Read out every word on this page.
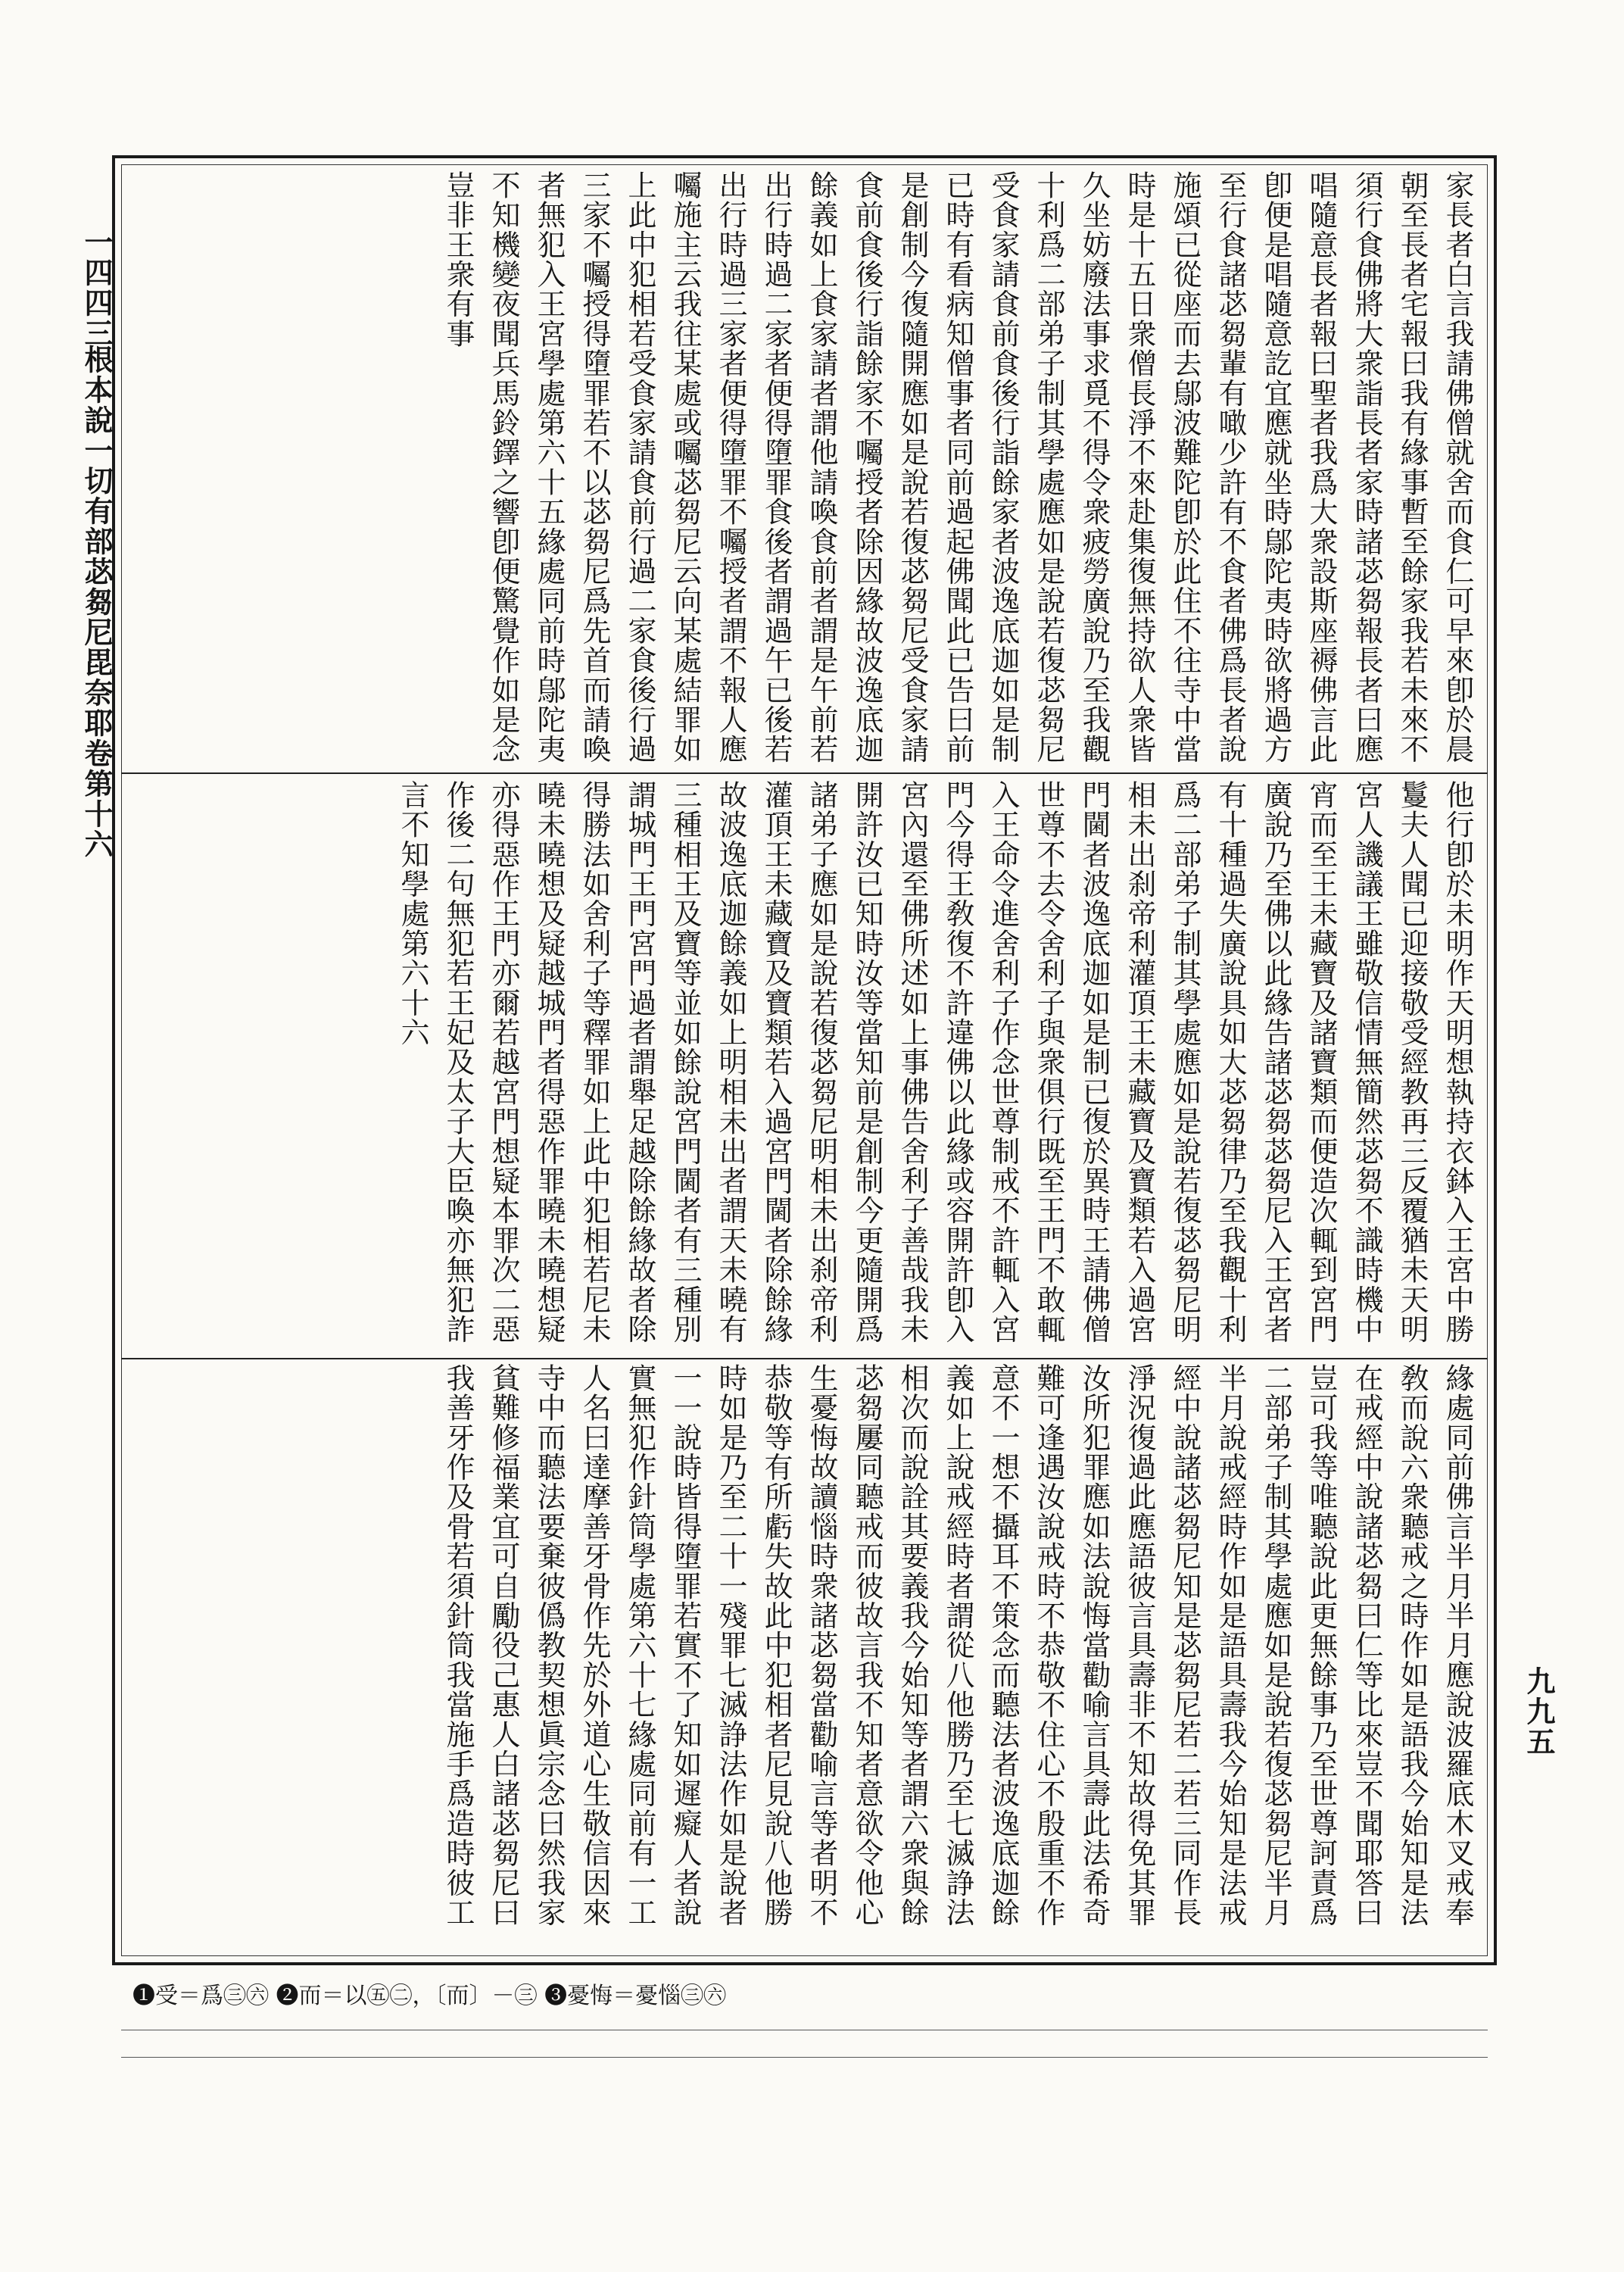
一四四三
根本說一切有部苾芻尼毘奈耶卷第十六
九九五
家長者白言我請佛僧就舍而食仁可早來卽於晨朝至長者宅報曰我有緣事暫至餘家我若未來不須行食佛將大衆詣長者家時諸苾芻報長者曰應唱隨意長者報曰聖者我爲大衆設斯座褥佛言此卽便是唱隨意訖宜應就坐時鄔陀夷時欲將過方至行食諸苾芻輩有噉少許有不食者佛爲長者說施頌已從座而去鄔波難陀卽於此住不往寺中當時是十五日衆僧長淨不來赴集復無持欲人衆皆久坐妨廢法事求覓不得令衆疲勞廣說乃至我觀十利爲二部弟子制其學處應如是說若復苾芻尼受食家請食前食後行詣餘家者波逸底迦如是制已時有看病知僧事者同前過起佛聞此已告曰前是創制今復隨開應如是說若復苾芻尼受食家請食前食後行詣餘家不囑授者除因緣故波逸底迦餘義如上食家請者謂他請喚食前者謂是午前若出行時過二家者便得墮罪食後者謂過午已後若出行時過三家者便得墮罪不囑授者謂不報人應囑施主云我往某處或囑苾芻尼云向某處結罪如上此中犯相若受食家請食前行過二家食後行過三家不囑授得墮罪若不以苾芻尼爲先首而請喚者無犯入王宮學處第六十五緣處同前時鄔陀夷不知機變夜聞兵馬鈴鐸之響卽便驚覺作如是念豈非王衆有事
他行卽於未明作天明想執持衣鉢入王宮中勝鬘夫人聞已迎接敬受經教再三反覆猶未天明宮人譏議王雖敬信情無簡然苾芻不識時機中宵而至王未藏寶及諸寶類而便造次輒到宮門廣說乃至佛以此緣告諸苾芻苾芻尼入王宮者有十種過失廣說具如大苾芻律乃至我觀十利爲二部弟子制其學處應如是說若復苾芻尼明相未出刹帝利灌頂王未藏寶及寶類若入過宮門閫者波逸底迦如是制已復於異時王請佛僧世尊不去令舍利子與衆俱行既至王門不敢輒入王命令進舍利子作念世尊制戒不許輒入宮門今得王敎復不許違佛以此緣或容開許卽入宮內還至佛所述如上事佛告舍利子善哉我未開許汝已知時汝等當知前是創制今更隨開爲諸弟子應如是說若復苾芻尼明相未出刹帝利灌頂王未藏寶及寶類若入過宮門閫者除餘緣故波逸底迦餘義如上明相未出者謂天未曉有三種相王及寶等並如餘說宮門閫者有三種別謂城門王門宮門過者謂舉足越除餘緣故者除得勝法如舍利子等釋罪如上此中犯相若尼未曉未曉想及疑越城門者得惡作罪曉未曉想疑亦得惡作王門亦爾若越宮門想疑本罪次二惡作後二句無犯若王妃及太子大臣喚亦無犯詐言不知學處第六十六
緣處同前佛言半月半月應說波羅底木叉戒奉敎而說六衆聽戒之時作如是語我今始知是法在戒經中說諸苾芻曰仁等比來豈不聞耶答曰豈可我等唯聽說此更無餘事乃至世尊訶責爲二部弟子制其學處應如是說若復苾芻尼半月半月說戒經時作如是語具壽我今始知是法戒經中說諸苾芻尼知是苾芻尼若二若三同作長淨況復過此應語彼言具壽非不知故得免其罪汝所犯罪應如法說悔當勸喻言具壽此法希奇難可逢遇汝說戒時不恭敬不住心不殷重不作意不一想不攝耳不策念而聽法者波逸底迦餘義如上說戒經時者謂從八他勝乃至七滅諍法相次而說詮其要義我今始知等者謂六衆與餘苾芻屢同聽戒而彼故言我不知者意欲令他心生憂悔故讀惱時衆諸苾芻當勸喻言等者明不恭敬等有所虧失故此中犯相者尼見說八他勝時如是乃至二十一殘罪七滅諍法作如是說者一一說時皆得墮罪若實不了知如遲癡人者說實無犯作針筒學處第六十七緣處同前有一工人名曰達摩善牙骨作先於外道心生敬信因來寺中而聽法要棄彼僞教契想眞宗念曰然我家貧難修福業宜可自勵役己惠人白諸苾芻尼曰我善牙作及骨若須針筒我當施手爲造時彼工
❶受＝爲㊂㊅ ❷而＝以㊄㊁，〔而〕－㊂ ❸憂悔＝憂惱㊂㊅
